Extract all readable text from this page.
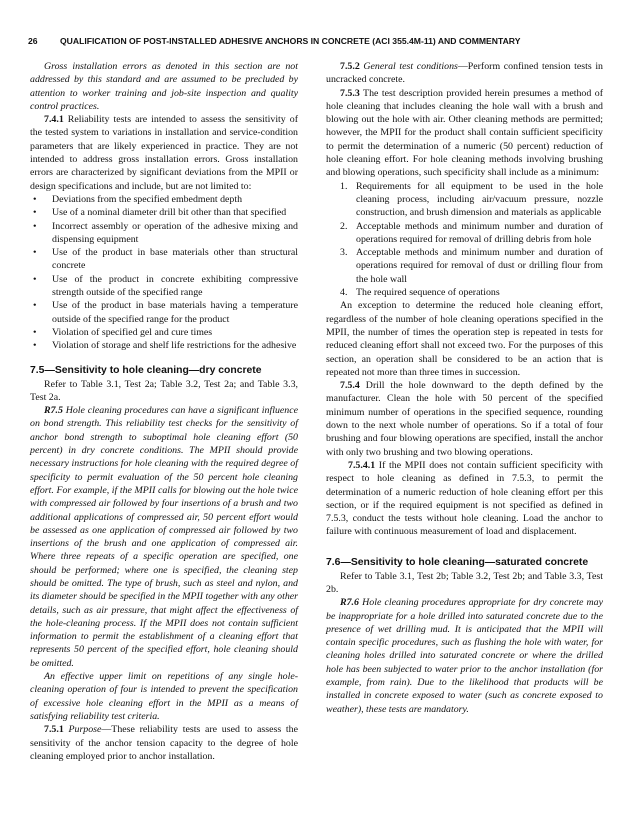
26	QUALIFICATION OF POST-INSTALLED ADHESIVE ANCHORS IN CONCRETE (ACI 355.4M-11) AND COMMENTARY

Gross installation errors as denoted in this section are not addressed by this standard and are assumed to be precluded by attention to worker training and job-site inspection and quality control practices.

7.4.1 Reliability tests are intended to assess the sensitivity of the tested system to variations in installation and service-condition parameters that are likely experienced in practice. They are not intended to address gross installation errors. Gross installation errors are characterized by significant deviations from the MPII or design specifications and include, but are not limited to:

• Deviations from the specified embedment depth
• Use of a nominal diameter drill bit other than that specified
• Incorrect assembly or operation of the adhesive mixing and dispensing equipment
• Use of the product in base materials other than structural concrete
• Use of the product in concrete exhibiting compressive strength outside of the specified range
• Use of the product in base materials having a temperature outside of the specified range for the product
• Violation of specified gel and cure times
• Violation of storage and shelf life restrictions for the adhesive
7.5—Sensitivity to hole cleaning—dry concrete

Refer to Table 3.1, Test 2a; Table 3.2, Test 2a; and Table 3.3, Test 2a.

R7.5 Hole cleaning procedures can have a significant influence on bond strength. This reliability test checks for the sensitivity of anchor bond strength to suboptimal hole cleaning effort (50 percent) in dry concrete conditions. The MPII should provide necessary instructions for hole cleaning with the required degree of specificity to permit evaluation of the 50 percent hole cleaning effort. For example, if the MPII calls for blowing out the hole twice with compressed air followed by four insertions of a brush and two additional applications of compressed air, 50 percent effort would be assessed as one application of compressed air followed by two insertions of the brush and one application of compressed air. Where three repeats of a specific operation are specified, one should be performed; where one is specified, the cleaning step should be omitted. The type of brush, such as steel and nylon, and its diameter should be specified in the MPII together with any other details, such as air pressure, that might affect the effectiveness of the hole-cleaning process. If the MPII does not contain sufficient information to permit the establishment of a cleaning effort that represents 50 percent of the specified effort, hole cleaning should be omitted.

An effective upper limit on repetitions of any single hole-cleaning operation of four is intended to prevent the specification of excessive hole cleaning effort in the MPII as a means of satisfying reliability test criteria.

7.5.1 Purpose—These reliability tests are used to assess the sensitivity of the anchor tension capacity to the degree of hole cleaning employed prior to anchor installation.

7.5.2 General test conditions—Perform confined tension tests in uncracked concrete.

7.5.3 The test description provided herein presumes a method of hole cleaning that includes cleaning the hole wall with a brush and blowing out the hole with air. Other cleaning methods are permitted; however, the MPII for the product shall contain sufficient specificity to permit the determination of a numeric (50 percent) reduction of hole cleaning effort. For hole cleaning methods involving brushing and blowing operations, such specificity shall include as a minimum:

1. Requirements for all equipment to be used in the hole cleaning process, including air/vacuum pressure, nozzle construction, and brush dimension and materials as applicable
2. Acceptable methods and minimum number and duration of operations required for removal of drilling debris from hole
3. Acceptable methods and minimum number and duration of operations required for removal of dust or drilling flour from the hole wall
4. The required sequence of operations

An exception to determine the reduced hole cleaning effort, regardless of the number of hole cleaning operations specified in the MPII, the number of times the operation step is repeated in tests for reduced cleaning effort shall not exceed two. For the purposes of this section, an operation shall be considered to be an action that is repeated not more than three times in succession.

7.5.4 Drill the hole downward to the depth defined by the manufacturer. Clean the hole with 50 percent of the specified minimum number of operations in the specified sequence, rounding down to the next whole number of operations. So if a total of four brushing and four blowing operations are specified, install the anchor with only two brushing and two blowing operations.

7.5.4.1 If the MPII does not contain sufficient specificity with respect to hole cleaning as defined in 7.5.3, to permit the determination of a numeric reduction of hole cleaning effort per this section, or if the required equipment is not specified as defined in 7.5.3, conduct the tests without hole cleaning. Load the anchor to failure with continuous measurement of load and displacement.

7.6—Sensitivity to hole cleaning—saturated concrete

Refer to Table 3.1, Test 2b; Table 3.2, Test 2b; and Table 3.3, Test 2b.

R7.6 Hole cleaning procedures appropriate for dry concrete may be inappropriate for a hole drilled into saturated concrete due to the presence of wet drilling mud. It is anticipated that the MPII will contain specific procedures, such as flushing the hole with water, for cleaning holes drilled into saturated concrete or where the drilled hole has been subjected to water prior to the anchor installation (for example, from rain). Due to the likelihood that products will be installed in concrete exposed to water (such as concrete exposed to weather), these tests are mandatory.
